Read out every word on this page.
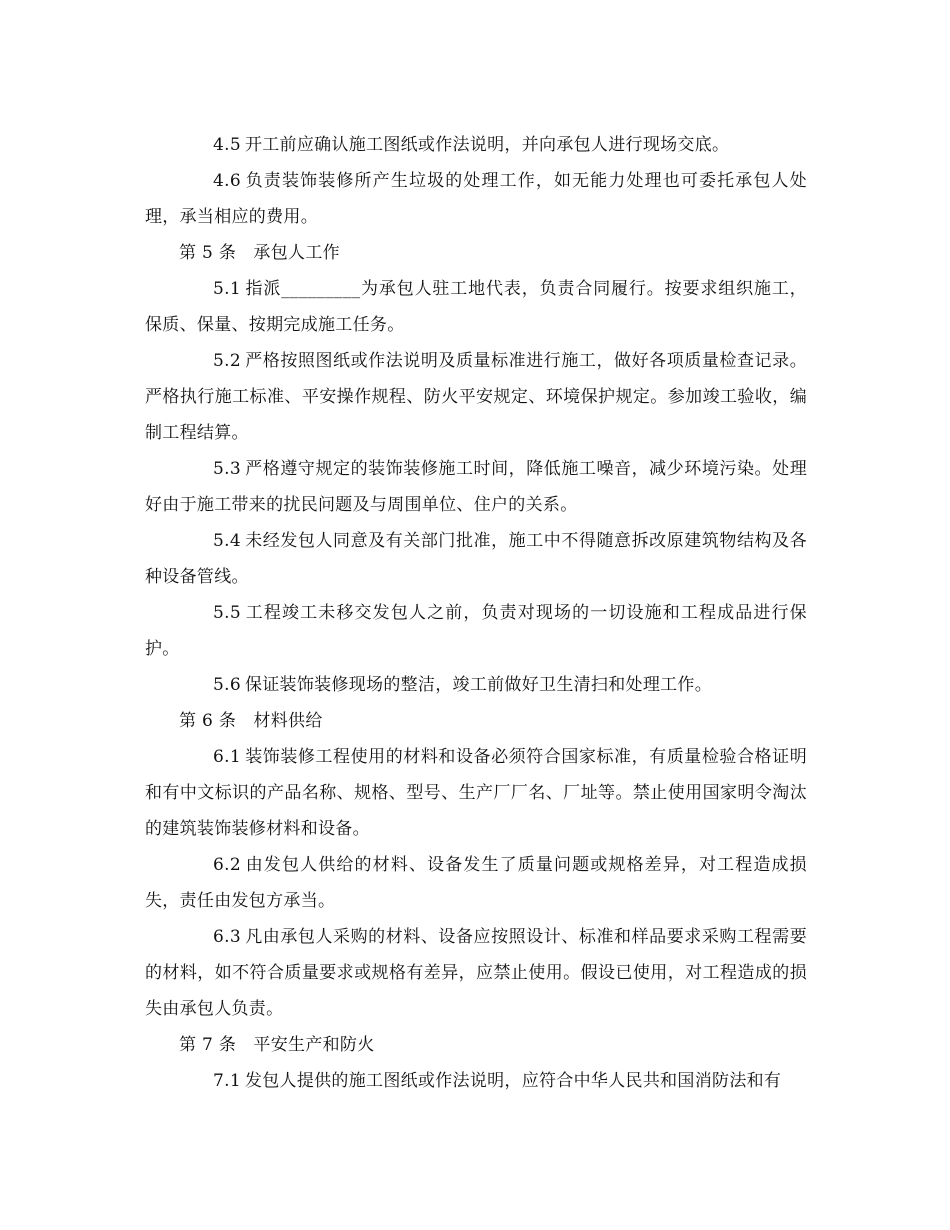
4.5 开工前应确认施工图纸或作法说明，并向承包人进行现场交底。

4.6 负责装饰装修所产生垃圾的处理工作，如无能力处理也可委托承包人处理，承当相应的费用。

第 5 条　承包人工作

5.1 指派_________为承包人驻工地代表，负责合同履行。按要求组织施工，保质、保量、按期完成施工任务。

5.2 严格按照图纸或作法说明及质量标准进行施工，做好各项质量检查记录。严格执行施工标准、平安操作规程、防火平安规定、环境保护规定。参加竣工验收，编制工程结算。

5.3 严格遵守规定的装饰装修施工时间，降低施工噪音，减少环境污染。处理好由于施工带来的扰民问题及与周围单位、住户的关系。

5.4 未经发包人同意及有关部门批准，施工中不得随意拆改原建筑物结构及各种设备管线。

5.5 工程竣工未移交发包人之前，负责对现场的一切设施和工程成品进行保护。

5.6 保证装饰装修现场的整洁，竣工前做好卫生清扫和处理工作。

第 6 条　材料供给

6.1 装饰装修工程使用的材料和设备必须符合国家标准，有质量检验合格证明和有中文标识的产品名称、规格、型号、生产厂厂名、厂址等。禁止使用国家明令淘汰的建筑装饰装修材料和设备。

6.2 由发包人供给的材料、设备发生了质量问题或规格差异，对工程造成损失，责任由发包方承当。

6.3 凡由承包人采购的材料、设备应按照设计、标准和样品要求采购工程需要的材料，如不符合质量要求或规格有差异，应禁止使用。假设已使用，对工程造成的损失由承包人负责。

第 7 条　平安生产和防火

7.1 发包人提供的施工图纸或作法说明，应符合中华人民共和国消防法和有
